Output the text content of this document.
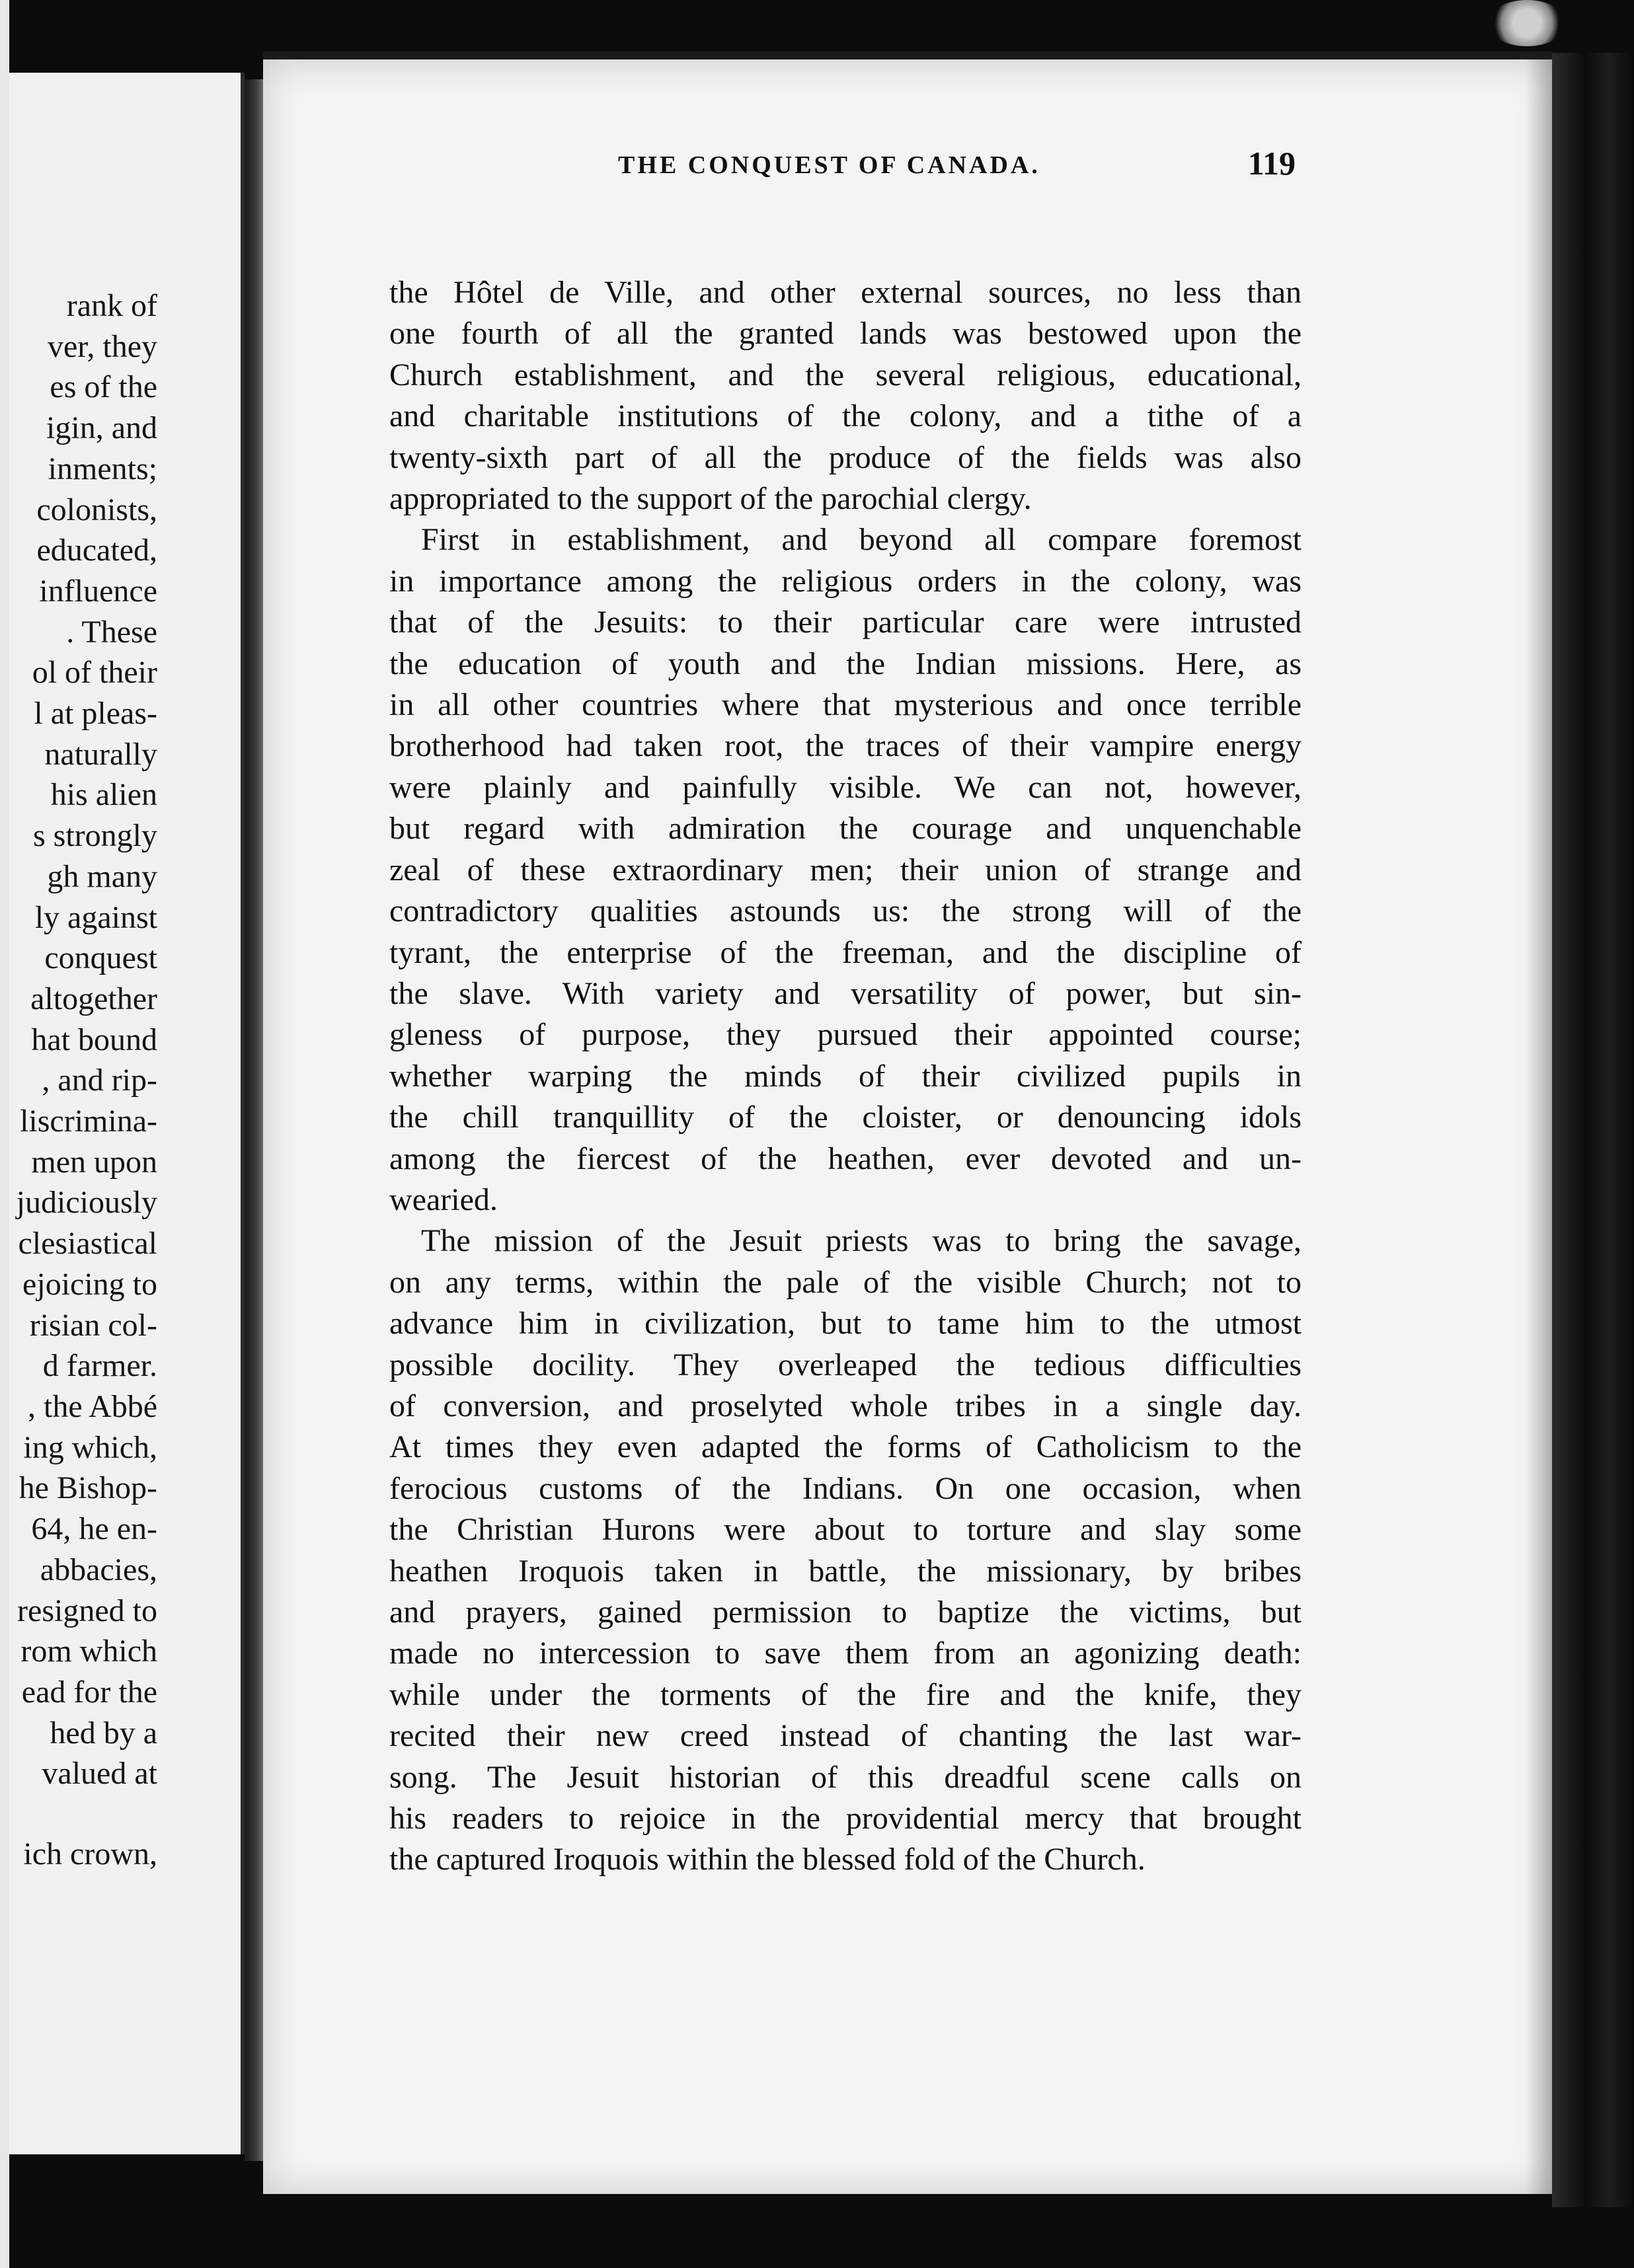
rank of
ver, they
es of the
igin, and
inments;
colonists,
educated,
influence
. These
ol of their
l at pleas-
naturally
his alien
s strongly
gh many
ly against
conquest
altogether
hat bound
, and rip-
liscrimina-
men upon
judiciously
clesiastical
ejoicing to
risian col-
d farmer.
, the Abbé
ing which,
he Bishop-
64, he en-
abbacies,
resigned to
rom which
ead for the
hed by a
valued at
ich crown,
THE CONQUEST OF CANADA.	119
the Hôtel de Ville, and other external sources, no less than
one fourth of all the granted lands was bestowed upon the
Church establishment, and the several religious, educational,
and charitable institutions of the colony, and a tithe of a
twenty-sixth part of all the produce of the fields was also
appropriated to the support of the parochial clergy.
First in establishment, and beyond all compare foremost
in importance among the religious orders in the colony, was
that of the Jesuits: to their particular care were intrusted
the education of youth and the Indian missions. Here, as
in all other countries where that mysterious and once terrible
brotherhood had taken root, the traces of their vampire energy
were plainly and painfully visible. We can not, however,
but regard with admiration the courage and unquenchable
zeal of these extraordinary men; their union of strange and
contradictory qualities astounds us: the strong will of the
tyrant, the enterprise of the freeman, and the discipline of
the slave. With variety and versatility of power, but sin-
gleness of purpose, they pursued their appointed course;
whether warping the minds of their civilized pupils in
the chill tranquillity of the cloister, or denouncing idols
among the fiercest of the heathen, ever devoted and un-
wearied.
The mission of the Jesuit priests was to bring the savage,
on any terms, within the pale of the visible Church; not to
advance him in civilization, but to tame him to the utmost
possible docility. They overleaped the tedious difficulties
of conversion, and proselyted whole tribes in a single day.
At times they even adapted the forms of Catholicism to the
ferocious customs of the Indians. On one occasion, when
the Christian Hurons were about to torture and slay some
heathen Iroquois taken in battle, the missionary, by bribes
and prayers, gained permission to baptize the victims, but
made no intercession to save them from an agonizing death:
while under the torments of the fire and the knife, they
recited their new creed instead of chanting the last war-
song. The Jesuit historian of this dreadful scene calls on
his readers to rejoice in the providential mercy that brought
the captured Iroquois within the blessed fold of the Church.
